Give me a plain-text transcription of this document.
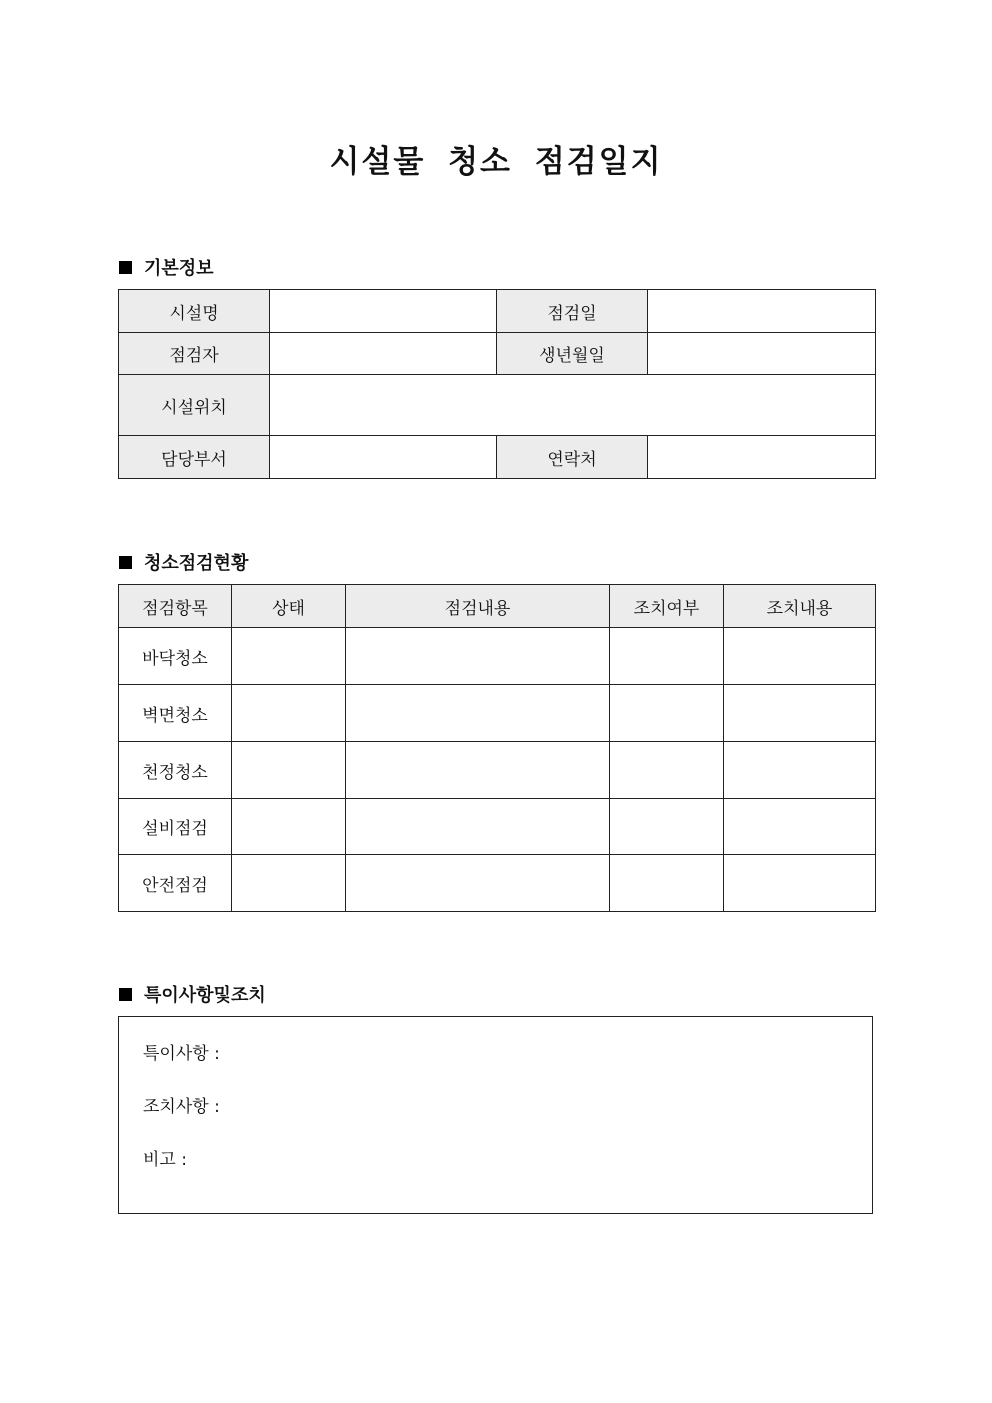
시설물 청소 점검일지
기본정보
시설명		점검일	
점검자		생년월일	
시설위치			
담당부서		연락처	
청소점검현황
점검항목	상태	점검내용	조치여부	조치내용
바닥청소				
벽면청소				
천정청소				
설비점검				
안전점검				
특이사항및조치
특이사항 :
조치사항 :
비고 :
